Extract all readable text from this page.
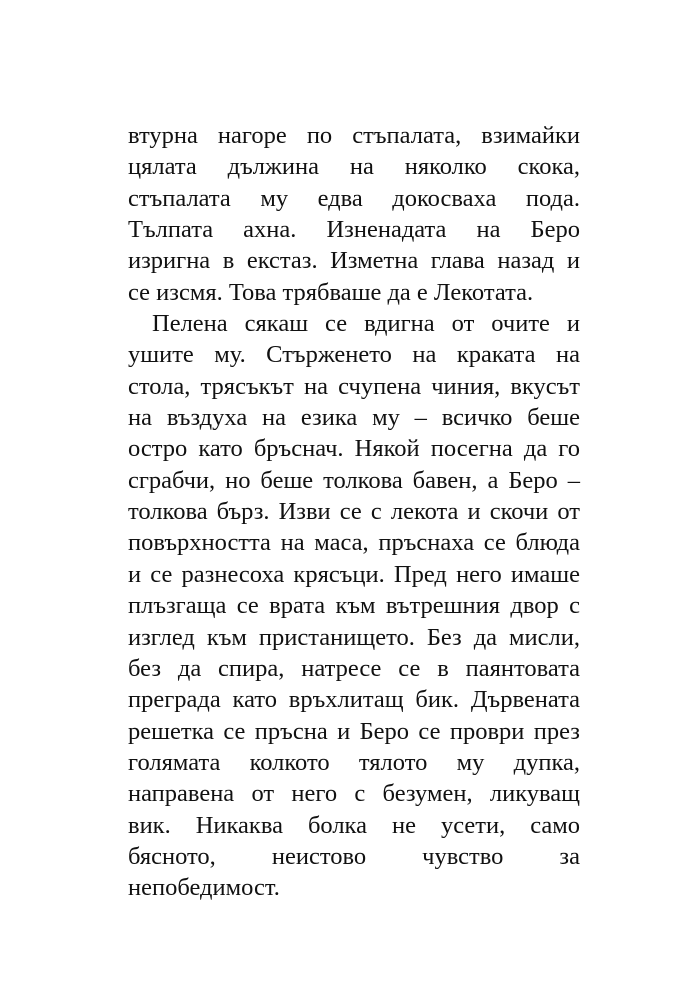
втурна нагоре по стъпалата, взимайки
цялата дължина на няколко скока,
стъпалата му едва докосваха пода.
Тълпата ахна. Изненадата на Беро
изригна в екстаз. Изметна глава назад и
се изсмя. Това трябваше да е Лекотата.
Пелена сякаш се вдигна от очите и
ушите му. Стърженето на краката на
стола, трясъкът на счупена чиния, вкусът
на въздуха на езика му – всичко беше
остро като бръснач. Някой посегна да го
сграбчи, но беше толкова бавен, а Беро –
толкова бърз. Изви се с лекота и скочи от
повърхността на маса, пръснаха се блюда
и се разнесоха крясъци. Пред него имаше
плъзгаща се врата към вътрешния двор с
изглед към пристанището. Без да мисли,
без да спира, натресе се в паянтовата
преграда като връхлитащ бик. Дървената
решетка се пръсна и Беро се проври през
голямата колкото тялото му дупка,
направена от него с безумен, ликуващ
вик. Никаква болка не усети, само
бясното, неистово чувство за
непобедимост.
